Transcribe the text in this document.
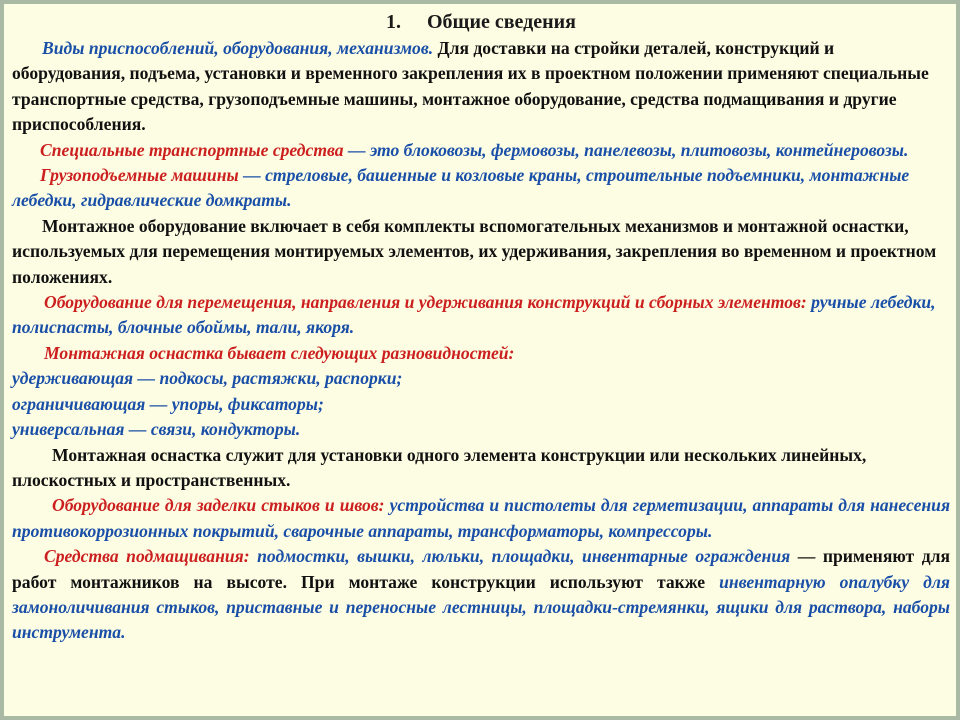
1. Общие сведения

Виды приспособлений, оборудования, механизмов. Для доставки на стройки деталей, конструкций и оборудования, подъема, установки и временного закрепления их в проектном положении применяют специальные транспортные средства, грузоподъемные машины, монтажное оборудование, средства подмащивания и другие приспособления.

Специальные транспортные средства — это блоковозы, фермовозы, панелевозы, плитовозы, контейнеровозы.

Грузоподъемные машины — стреловые, башенные и козловые краны, строительные подъемники, монтажные лебедки, гидравлические домкраты.

Монтажное оборудование включает в себя комплекты вспомогательных механизмов и монтажной оснастки, используемых для перемещения монтируемых элементов, их удерживания, закрепления во временном и проектном положениях.

Оборудование для перемещения, направления и удерживания конструкций и сборных элементов: ручные лебедки, полиспасты, блочные обоймы, тали, якоря.

Монтажная оснастка бывает следующих разновидностей:

удерживающая — подкосы, растяжки, распорки;

ограничивающая — упоры, фиксаторы;

универсальная — связи, кондукторы.

Монтажная оснастка служит для установки одного элемента конструкции или нескольких линейных, плоскостных и пространственных.

Оборудование для заделки стыков и швов: устройства и пистолеты для герметизации, аппараты для нанесения противокоррозионных покрытий, сварочные аппараты, трансформаторы, компрессоры.

Средства подмащивания: подмостки, вышки, люльки, площадки, инвентарные ограждения — применяют для работ монтажников на высоте. При монтаже конструкции используют также инвентарную опалубку для замоноличивания стыков, приставные и переносные лестницы, площадки-стремянки, ящики для раствора, наборы инструмента.
